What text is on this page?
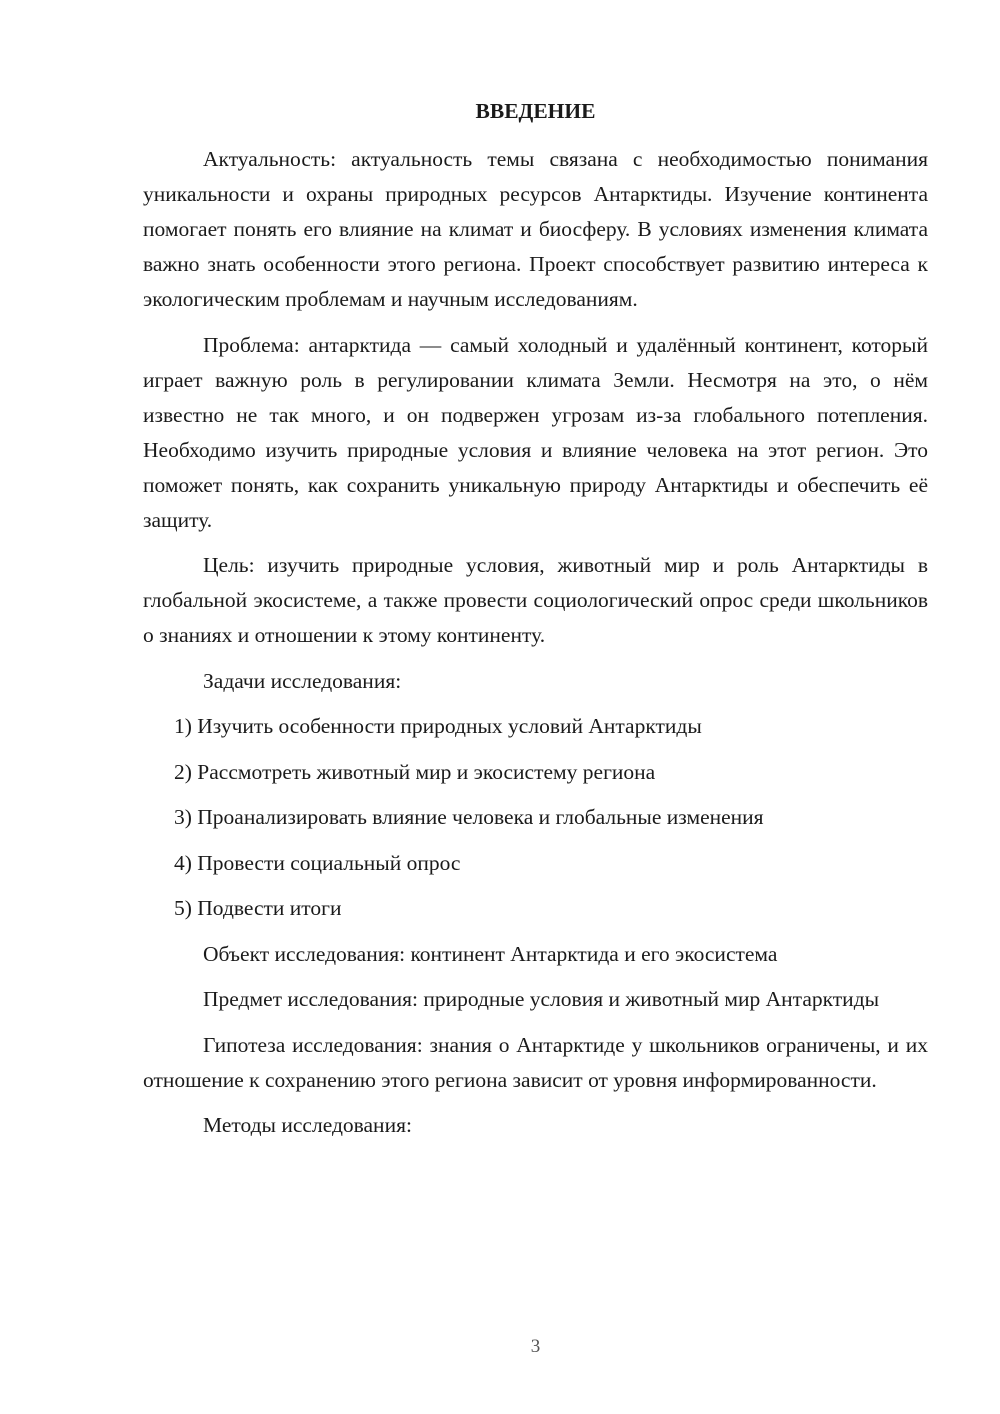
ВВЕДЕНИЕ

Актуальность: актуальность темы связана с необходимостью понимания уникальности и охраны природных ресурсов Антарктиды. Изучение континента помогает понять его влияние на климат и биосферу. В условиях изменения климата важно знать особенности этого региона. Проект способствует развитию интереса к экологическим проблемам и научным исследованиям.

Проблема: антарктида — самый холодный и удалённый континент, который играет важную роль в регулировании климата Земли. Несмотря на это, о нём известно не так много, и он подвержен угрозам из-за глобального потепления. Необходимо изучить природные условия и влияние человека на этот регион. Это поможет понять, как сохранить уникальную природу Антарктиды и обеспечить её защиту.

Цель: изучить природные условия, животный мир и роль Антарктиды в глобальной экосистеме, а также провести социологический опрос среди школьников о знаниях и отношении к этому континенту.

Задачи исследования:

1) Изучить особенности природных условий Антарктиды

2) Рассмотреть животный мир и экосистему региона

3) Проанализировать влияние человека и глобальные изменения

4) Провести социальный опрос

5) Подвести итоги

Объект исследования: континент Антарктида и его экосистема

Предмет исследования: природные условия и животный мир Антарктиды

Гипотеза исследования: знания о Антарктиде у школьников ограничены, и их отношение к сохранению этого региона зависит от уровня информированности.

Методы исследования:

3
